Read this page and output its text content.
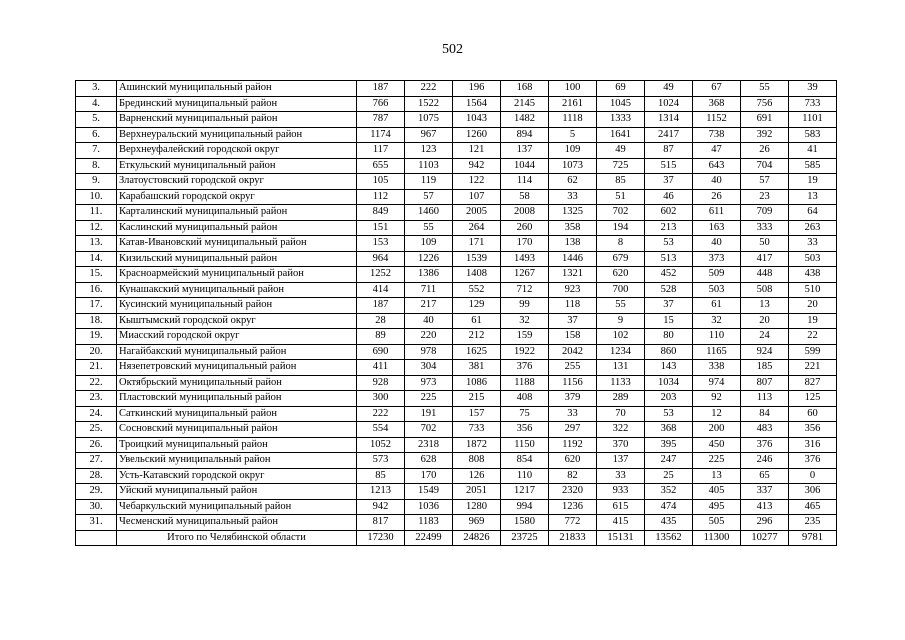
502
3.	Ашинский муниципальный район	187	222	196	168	100	69	49	67	55	39
4.	Брединский муниципальный район	766	1522	1564	2145	2161	1045	1024	368	756	733
5.	Варненский муниципальный район	787	1075	1043	1482	1118	1333	1314	1152	691	1101
6.	Верхнеуральский муниципальный район	1174	967	1260	894	5	1641	2417	738	392	583
7.	Верхнеуфалейский городской округ	117	123	121	137	109	49	87	47	26	41
8.	Еткульский муниципальный район	655	1103	942	1044	1073	725	515	643	704	585
9.	Златоустовский городской округ	105	119	122	114	62	85	37	40	57	19
10.	Карабашский городской округ	112	57	107	58	33	51	46	26	23	13
11.	Карталинский муниципальный район	849	1460	2005	2008	1325	702	602	611	709	64
12.	Каслинский муниципальный район	151	55	264	260	358	194	213	163	333	263
13.	Катав-Ивановский муниципальный район	153	109	171	170	138	8	53	40	50	33
14.	Кизильский муниципальный район	964	1226	1539	1493	1446	679	513	373	417	503
15.	Красноармейский муниципальный район	1252	1386	1408	1267	1321	620	452	509	448	438
16.	Кунашакский муниципальный район	414	711	552	712	923	700	528	503	508	510
17.	Кусинский муниципальный район	187	217	129	99	118	55	37	61	13	20
18.	Кыштымский городской округ	28	40	61	32	37	9	15	32	20	19
19.	Миасский городской округ	89	220	212	159	158	102	80	110	24	22
20.	Нагайбакский муниципальный район	690	978	1625	1922	2042	1234	860	1165	924	599
21.	Нязепетровский муниципальный район	411	304	381	376	255	131	143	338	185	221
22.	Октябрьский муниципальный район	928	973	1086	1188	1156	1133	1034	974	807	827
23.	Пластовский муниципальный район	300	225	215	408	379	289	203	92	113	125
24.	Саткинский муниципальный район	222	191	157	75	33	70	53	12	84	60
25.	Сосновский муниципальный район	554	702	733	356	297	322	368	200	483	356
26.	Троицкий муниципальный район	1052	2318	1872	1150	1192	370	395	450	376	316
27.	Увельский муниципальный район	573	628	808	854	620	137	247	225	246	376
28.	Усть-Катавский городской округ	85	170	126	110	82	33	25	13	65	0
29.	Уйский муниципальный район	1213	1549	2051	1217	2320	933	352	405	337	306
30.	Чебаркульский муниципальный район	942	1036	1280	994	1236	615	474	495	413	465
31.	Чесменский муниципальный район	817	1183	969	1580	772	415	435	505	296	235
	Итого по Челябинской области	17230	22499	24826	23725	21833	15131	13562	11300	10277	9781
